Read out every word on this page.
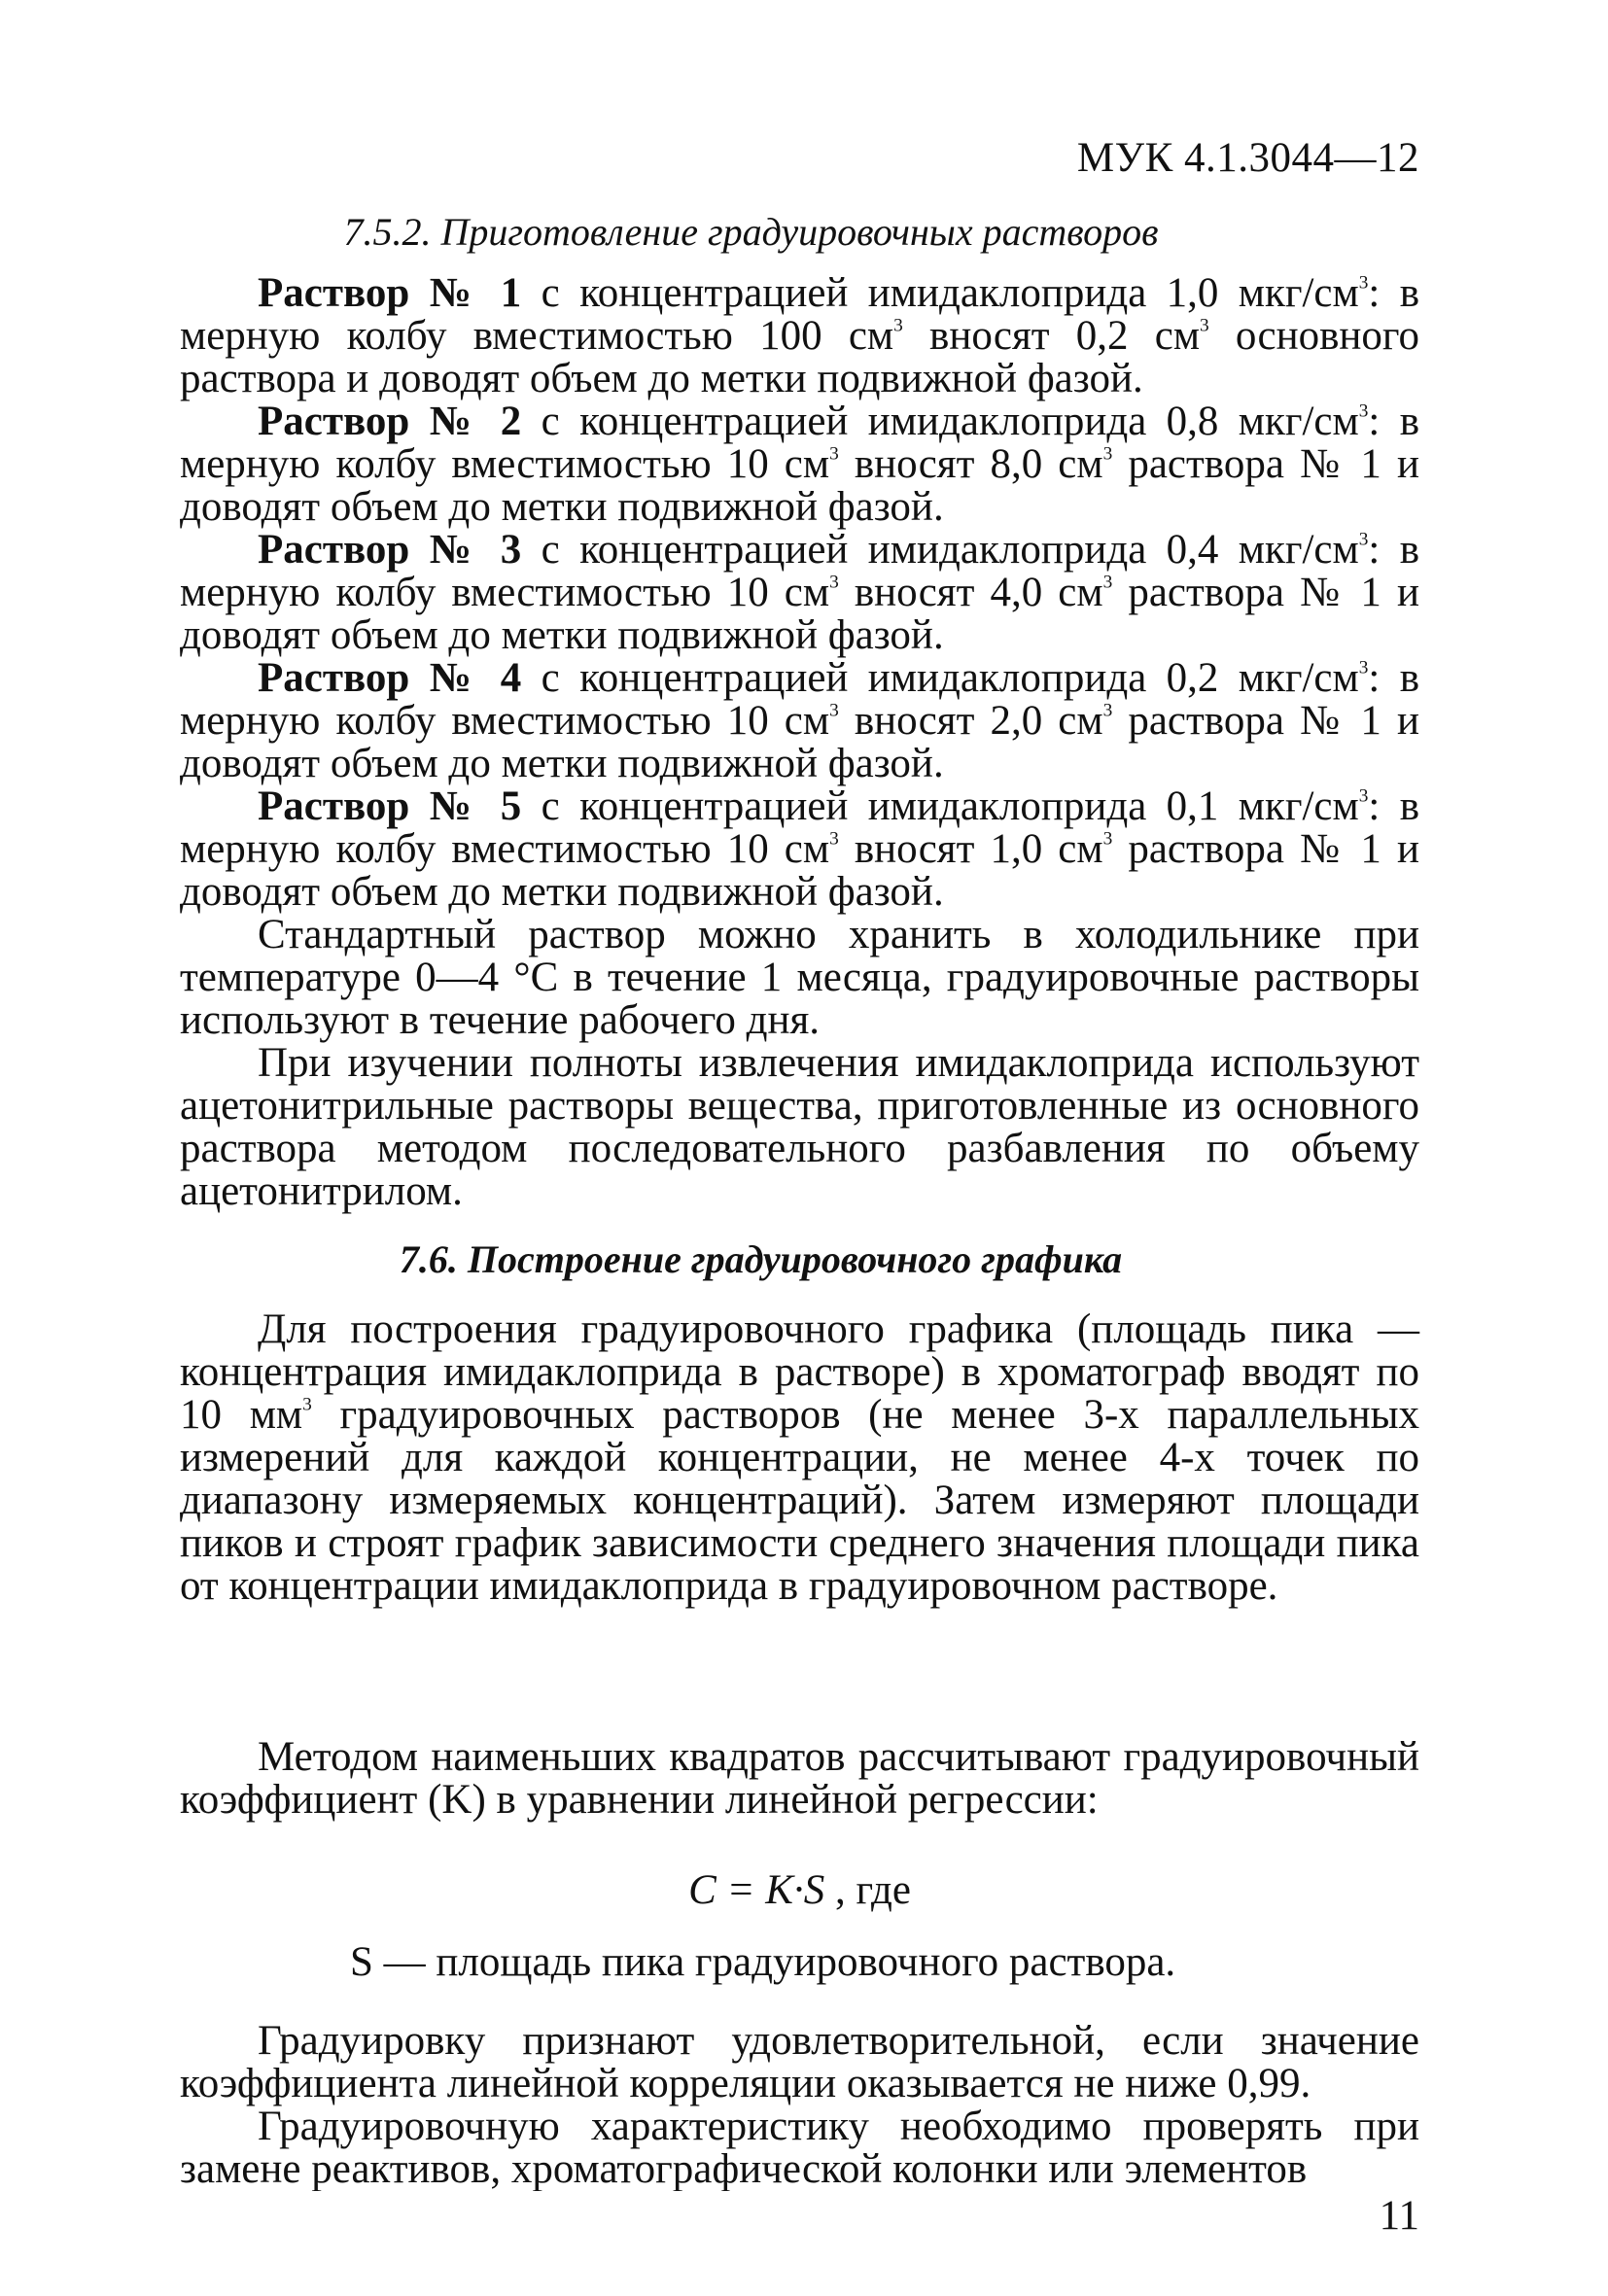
МУК 4.1.3044—12
7.5.2. Приготовление градуировочных растворов

Раствор № 1 с концентрацией имидаклоприда 1,0 мкг/$см^3$: в мерную колбу вместимостью 100 $см^3$ вносят 0,2 $см^3$ основного раствора и доводят объем до метки подвижной фазой.

Раствор № 2 с концентрацией имидаклоприда 0,8 мкг/$см^3$: в мерную колбу вместимостью 10 $см^3$ вносят 8,0 $см^3$ раствора № 1 и доводят объем до метки подвижной фазой.

Раствор № 3 с концентрацией имидаклоприда 0,4 мкг/$см^3$: в мерную колбу вместимостью 10 $см^3$ вносят 4,0 $см^3$ раствора № 1 и доводят объем до метки подвижной фазой.

Раствор № 4 с концентрацией имидаклоприда 0,2 мкг/$см^3$: в мерную колбу вместимостью 10 $см^3$ вносят 2,0 $см^3$ раствора № 1 и доводят объем до метки подвижной фазой.

Раствор № 5 с концентрацией имидаклоприда 0,1 мкг/$см^3$: в мерную колбу вместимостью 10 $см^3$ вносят 1,0 $см^3$ раствора № 1 и доводят объем до метки подвижной фазой.

Стандартный раствор можно хранить в холодильнике при температуре 0—4 °С в течение 1 месяца, градуировочные растворы используют в течение рабочего дня.

При изучении полноты извлечения имидаклоприда используют ацетонитрильные растворы вещества, приготовленные из основного раствора методом последовательного разбавления по объему ацетонитрилом.

7.6. Построение градуировочного графика

Для построения градуировочного графика (площадь пика — концентрация имидаклоприда в растворе) в хроматограф вводят по 10 $мм^3$ градуировочных растворов (не менее 3-х параллельных измерений для каждой концентрации, не менее 4-х точек по диапазону измеряемых концентраций). Затем измеряют площади пиков и строят график зависимости среднего значения площади пика от концентрации имидаклоприда в градуировочном растворе.

Методом наименьших квадратов рассчитывают градуировочный коэффициент (K) в уравнении линейной регрессии:

C = K·S , где
S — площадь пика градуировочного раствора.

Градуировку признают удовлетворительной, если значение коэффициента линейной корреляции оказывается не ниже 0,99.

Градуировочную характеристику необходимо проверять при замене реактивов, хроматографической колонки или элементов

11
